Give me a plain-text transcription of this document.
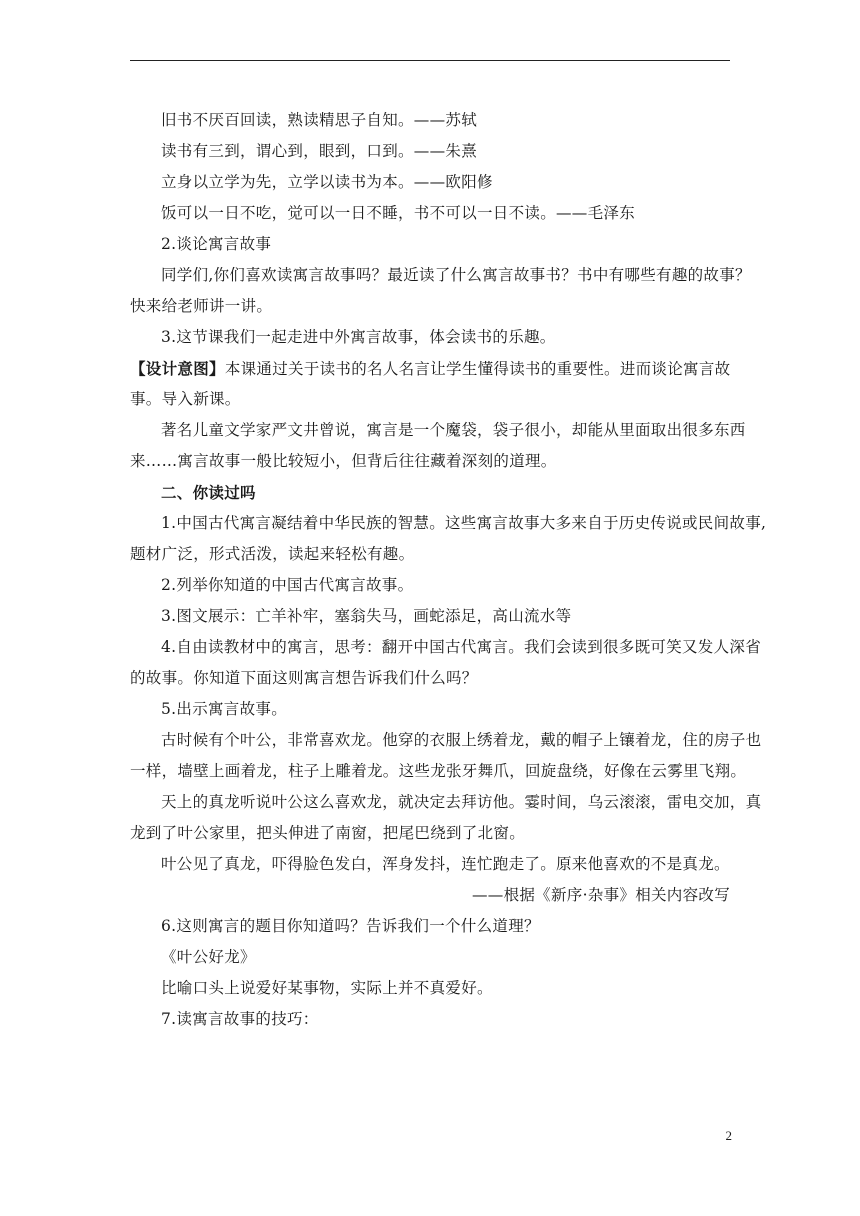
旧书不厌百回读，熟读精思子自知。——苏轼
读书有三到，谓心到，眼到，口到。——朱熹
立身以立学为先，立学以读书为本。——欧阳修
饭可以一日不吃，觉可以一日不睡，书不可以一日不读。——毛泽东
2.谈论寓言故事
同学们,你们喜欢读寓言故事吗？最近读了什么寓言故事书？书中有哪些有趣的故事？
快来给老师讲一讲。
3.这节课我们一起走进中外寓言故事，体会读书的乐趣。
【设计意图】本课通过关于读书的名人名言让学生懂得读书的重要性。进而谈论寓言故
事。导入新课。
著名儿童文学家严文井曾说，寓言是一个魔袋，袋子很小，却能从里面取出很多东西
来……寓言故事一般比较短小，但背后往往藏着深刻的道理。
二、你读过吗
1.中国古代寓言凝结着中华民族的智慧。这些寓言故事大多来自于历史传说或民间故事,
题材广泛，形式活泼，读起来轻松有趣。
2.列举你知道的中国古代寓言故事。
3.图文展示：亡羊补牢，塞翁失马，画蛇添足，高山流水等
4.自由读教材中的寓言，思考：翻开中国古代寓言。我们会读到很多既可笑又发人深省
的故事。你知道下面这则寓言想告诉我们什么吗？
5.出示寓言故事。
古时候有个叶公，非常喜欢龙。他穿的衣服上绣着龙，戴的帽子上镶着龙，住的房子也
一样，墙壁上画着龙，柱子上雕着龙。这些龙张牙舞爪，回旋盘绕，好像在云雾里飞翔。
天上的真龙听说叶公这么喜欢龙，就决定去拜访他。霎时间，乌云滚滚，雷电交加，真
龙到了叶公家里，把头伸进了南窗，把尾巴绕到了北窗。
叶公见了真龙，吓得脸色发白，浑身发抖，连忙跑走了。原来他喜欢的不是真龙。
——根据《新序·杂事》相关内容改写
6.这则寓言的题目你知道吗？告诉我们一个什么道理？
《叶公好龙》
比喻口头上说爱好某事物，实际上并不真爱好。
7.读寓言故事的技巧：
2
